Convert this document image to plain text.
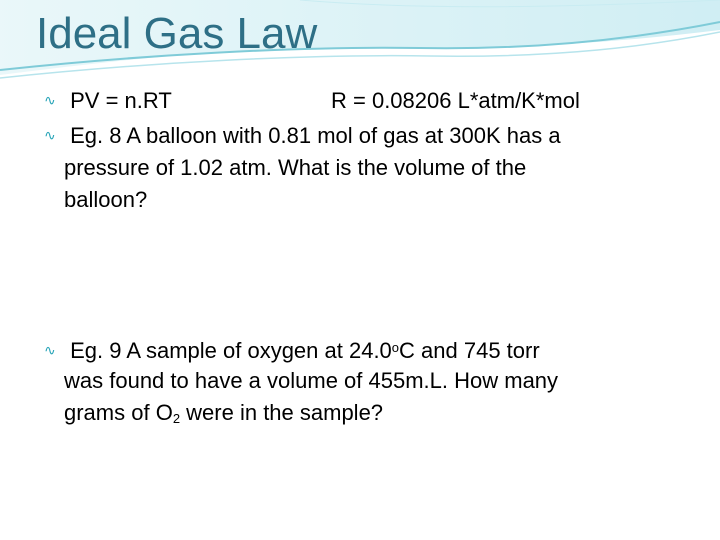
Ideal Gas Law
∿ PV = n.RT	R = 0.08206 L*atm/K*mol
∿ Eg. 8 A balloon with 0.81 mol of gas at 300K has a
pressure of 1.02 atm. What is the volume of the
balloon?
∿ Eg. 9 A sample of oxygen at 24.0$^o$C and 745 torr
was found to have a volume of 455m.L. How many
grams of $O_2$ were in the sample?
